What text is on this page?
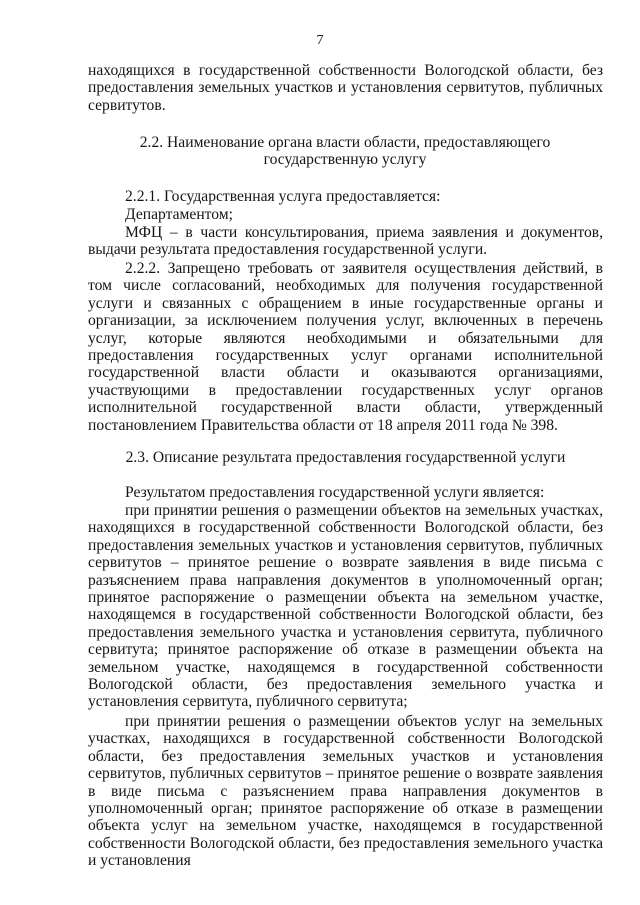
7

находящихся в государственной собственности Вологодской области, без предоставления земельных участков и установления сервитутов, публичных сервитутов.

2.2. Наименование органа власти области, предоставляющего государственную услугу

2.2.1. Государственная услуга предоставляется:

Департаментом;

МФЦ – в части консультирования, приема заявления и документов, выдачи результата предоставления государственной услуги.

2.2.2. Запрещено требовать от заявителя осуществления действий, в том числе согласований, необходимых для получения государственной услуги и связанных с обращением в иные государственные органы и организации, за исключением получения услуг, включенных в перечень услуг, которые являются необходимыми и обязательными для предоставления государственных услуг органами исполнительной государственной власти области и оказываются организациями, участвующими в предоставлении государственных услуг органов исполнительной государственной власти области, утвержденный постановлением Правительства области от 18 апреля 2011 года № 398.

2.3. Описание результата предоставления государственной услуги

Результатом предоставления государственной услуги является:

при принятии решения о размещении объектов на земельных участках, находящихся в государственной собственности Вологодской области, без предоставления земельных участков и установления сервитутов, публичных сервитутов – принятое решение о возврате заявления в виде письма с разъяснением права направления документов в уполномоченный орган; принятое распоряжение о размещении объекта на земельном участке, находящемся в государственной собственности Вологодской области, без предоставления земельного участка и установления сервитута, публичного сервитута; принятое распоряжение об отказе в размещении объекта на земельном участке, находящемся в государственной собственности Вологодской области, без предоставления земельного участка и установления сервитута, публичного сервитута;

при принятии решения о размещении объектов услуг на земельных участках, находящихся в государственной собственности Вологодской области, без предоставления земельных участков и установления сервитутов, публичных сервитутов – принятое решение о возврате заявления в виде письма с разъяснением права направления документов в уполномоченный орган; принятое распоряжение об отказе в размещении объекта услуг на земельном участке, находящемся в государственной собственности Вологодской области, без предоставления земельного участка и установления
